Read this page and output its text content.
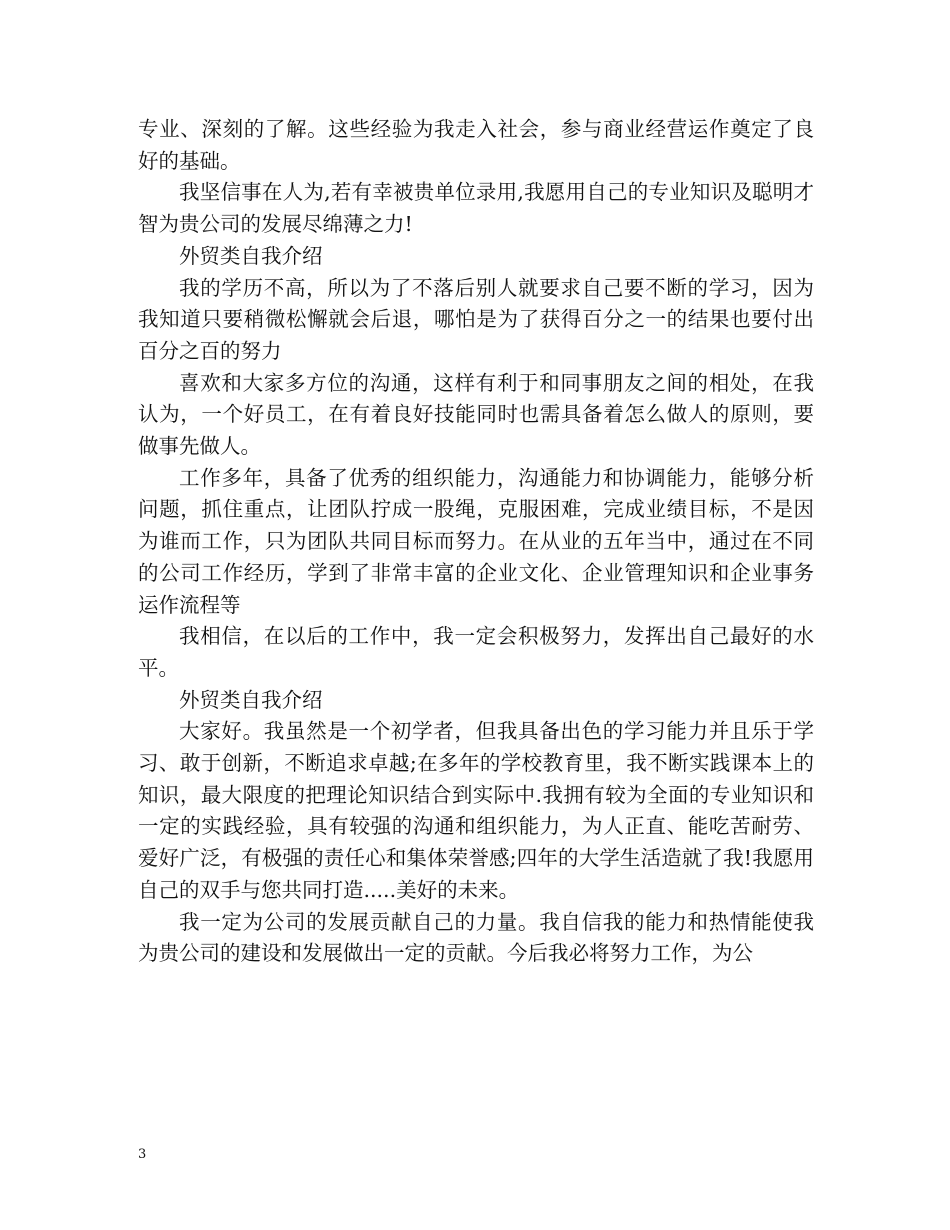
专业、深刻的了解。这些经验为我走入社会，参与商业经营运作奠定了良好的基础。

我坚信事在人为,若有幸被贵单位录用,我愿用自己的专业知识及聪明才智为贵公司的发展尽绵薄之力!

外贸类自我介绍

我的学历不高，所以为了不落后别人就要求自己要不断的学习，因为我知道只要稍微松懈就会后退，哪怕是为了获得百分之一的结果也要付出百分之百的努力

喜欢和大家多方位的沟通，这样有利于和同事朋友之间的相处，在我认为，一个好员工，在有着良好技能同时也需具备着怎么做人的原则，要做事先做人。

工作多年，具备了优秀的组织能力，沟通能力和协调能力，能够分析问题，抓住重点，让团队拧成一股绳，克服困难，完成业绩目标，不是因为谁而工作，只为团队共同目标而努力。在从业的五年当中，通过在不同的公司工作经历，学到了非常丰富的企业文化、企业管理知识和企业事务运作流程等

我相信，在以后的工作中，我一定会积极努力，发挥出自己最好的水平。

外贸类自我介绍

大家好。我虽然是一个初学者，但我具备出色的学习能力并且乐于学习、敢于创新，不断追求卓越;在多年的学校教育里，我不断实践课本上的知识，最大限度的把理论知识结合到实际中.我拥有较为全面的专业知识和一定的实践经验，具有较强的沟通和组织能力，为人正直、能吃苦耐劳、爱好广泛，有极强的责任心和集体荣誉感;四年的大学生活造就了我!我愿用自己的双手与您共同打造.....美好的未来。

我一定为公司的发展贡献自己的力量。我自信我的能力和热情能使我为贵公司的建设和发展做出一定的贡献。今后我必将努力工作，为公

3
